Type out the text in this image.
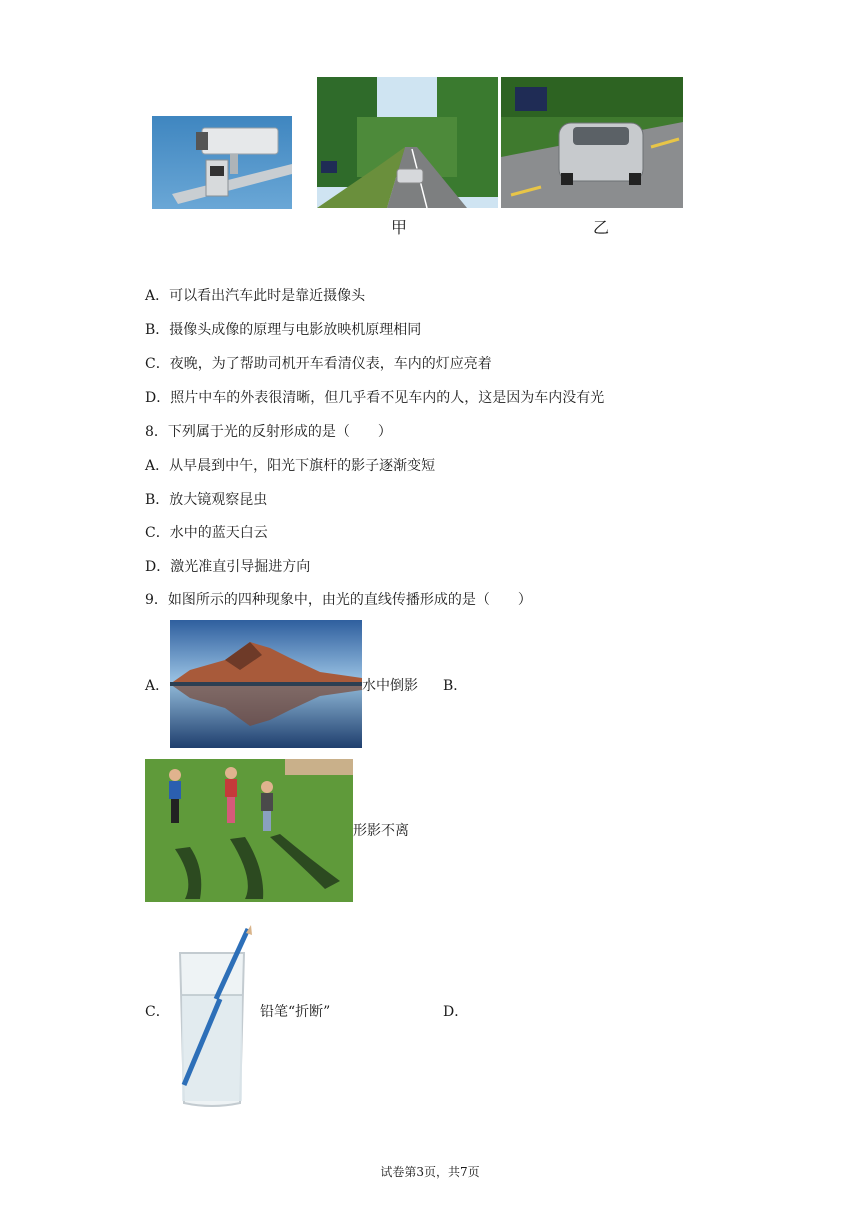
甲	乙
A．可以看出汽车此时是靠近摄像头
B．摄像头成像的原理与电影放映机原理相同
C．夜晚，为了帮助司机开车看清仪表，车内的灯应亮着
D．照片中车的外表很清晰，但几乎看不见车内的人，这是因为车内没有光
8．下列属于光的反射形成的是（　　）
A．从早晨到中午，阳光下旗杆的影子逐渐变短
B．放大镜观察昆虫
C．水中的蓝天白云
D．激光准直引导掘进方向
9．如图所示的四种现象中，由光的直线传播形成的是（　　）
A．	水中倒影 B．
形影不离
C．	铅笔“折断”	D．
试卷第3页，共7页
